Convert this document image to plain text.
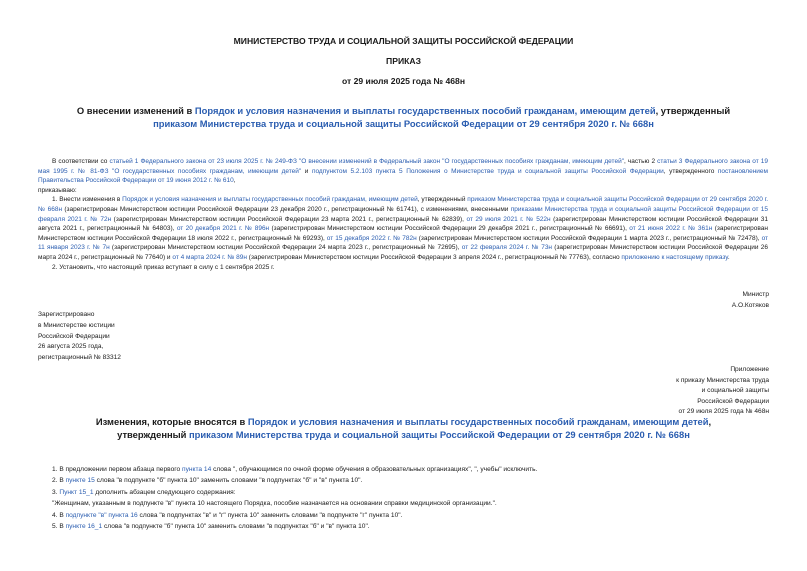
МИНИСТЕРСТВО ТРУДА И СОЦИАЛЬНОЙ ЗАЩИТЫ РОССИЙСКОЙ ФЕДЕРАЦИИ
ПРИКАЗ
от 29 июля 2025 года № 468н
О внесении изменений в Порядок и условия назначения и выплаты государственных пособий гражданам, имеющим детей, утвержденный приказом Министерства труда и социальной защиты Российской Федерации от 29 сентября 2020 г. № 668н

В соответствии со статьей 1 Федерального закона от 23 июля 2025 г. № 249-ФЗ "О внесении изменений в Федеральный закон "О государственных пособиях гражданам, имеющим детей", частью 2 статьи 3 Федерального закона от 19 мая 1995 г. № 81-ФЗ "О государственных пособиях гражданам, имеющим детей" и подпунктом 5.2.103 пункта 5 Положения о Министерстве труда и социальной защиты Российской Федерации, утвержденного постановлением Правительства Российской Федерации от 19 июня 2012 г. № 610,

приказываю:

1. Внести изменения в Порядок и условия назначения и выплаты государственных пособий гражданам, имеющим детей, утвержденный приказом Министерства труда и социальной защиты Российской Федерации от 29 сентября 2020 г. № 668н (зарегистрирован Министерством юстиции Российской Федерации 23 декабря 2020 г., регистрационный № 61741), с изменениями, внесенными приказами Министерства труда и социальной защиты Российской Федерации от 15 февраля 2021 г. № 72н (зарегистрирован Министерством юстиции Российской Федерации 23 марта 2021 г., регистрационный № 62839), от 29 июля 2021 г. № 522н (зарегистрирован Министерством юстиции Российской Федерации 31 августа 2021 г., регистрационный № 64803), от 20 декабря 2021 г. № 896н (зарегистрирован Министерством юстиции Российской Федерации 29 декабря 2021 г., регистрационный № 66691), от 21 июня 2022 г. № 361н (зарегистрирован Министерством юстиции Российской Федерации 18 июля 2022 г., регистрационный № 69293), от 15 декабря 2022 г. № 782н (зарегистрирован Министерством юстиции Российской Федерации 1 марта 2023 г., регистрационный № 72478), от 11 января 2023 г. № 7н (зарегистрирован Министерством юстиции Российской Федерации 24 марта 2023 г., регистрационный № 72695), от 22 февраля 2024 г. № 73н (зарегистрирован Министерством юстиции Российской Федерации 26 марта 2024 г., регистрационный № 77640) и от 4 марта 2024 г. № 89н (зарегистрирован Министерством юстиции Российской Федерации 3 апреля 2024 г., регистрационный № 77763), согласно приложению к настоящему приказу.

2. Установить, что настоящий приказ вступает в силу с 1 сентября 2025 г.

Министр
А.О.Котяков
Зарегистрировано
в Министерстве юстиции
Российской Федерации
26 августа 2025 года,
регистрационный № 83312
Приложение
к приказу Министерства труда
и социальной защиты
Российской Федерации
от 29 июля 2025 года № 468н
Изменения, которые вносятся в Порядок и условия назначения и выплаты государственных пособий гражданам, имеющим детей, утвержденный приказом Министерства труда и социальной защиты Российской Федерации от 29 сентября 2020 г. № 668н
1. В предложении первом абзаца первого пункта 14 слова ", обучающимся по очной форме обучения в образовательных организациях", ", учебы" исключить.
2. В пункте 15 слова "в подпункте "б" пункта 10" заменить словами "в подпунктах "б" и "в" пункта 10".
3. Пункт 15_1 дополнить абзацем следующего содержания:
"Женщинам, указанным в подпункте "в" пункта 10 настоящего Порядка, пособие назначается на основании справки медицинской организации.".
4. В подпункте "в" пункта 16 слова "в подпунктах "в" и "г" пункта 10" заменить словами "в подпункте "г" пункта 10".
5. В пункте 16_1 слова "в подпункте "б" пункта 10" заменить словами "в подпунктах "б" и "в" пункта 10".
